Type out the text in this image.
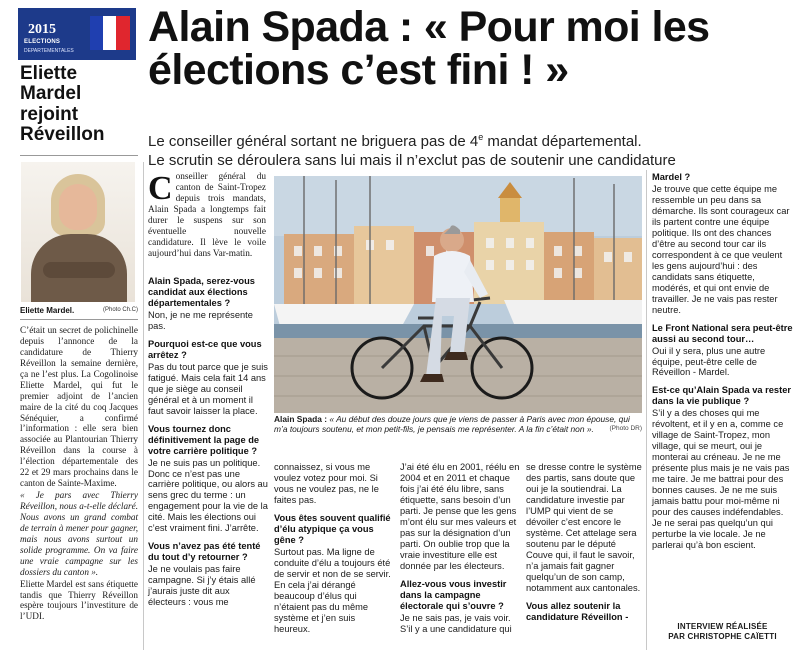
2015
ELECTIONS
DEPARTEMENTALES Alain Spada : « Pour moi les élections c’est fini ! »
Le conseiller général sortant ne briguera pas de 4e mandat départemental.
Le scrutin se déroulera sans lui mais il n’exclut pas de soutenir une candidature
Eliette Mardel rejoint Réveillon
Eliette Mardel.	(Photo Ch.C)

C’était un secret de polichinelle depuis l’annonce de la candidature de Thierry Réveillon la semaine dernière, ça ne l’est plus. La Cogolinoise Eliette Mardel, qui fut le premier adjoint de l’ancien maire de la cité du coq Jacques Sénéquier, a confirmé l’information : elle sera bien associée au Plantourian Thierry Réveillon dans la course à l’élection départementale des 22 et 29 mars prochains dans le canton de Sainte-Maxime.

« Je pars avec Thierry Réveillon, nous a-t-elle déclaré. Nous avons un grand combat de terrain à mener pour gagner, mais nous avons surtout un solide programme. On va faire une vraie campagne sur les dossiers du canton ».

Eliette Mardel est sans étiquette tandis que Thierry Réveillon espère toujours l’investiture de l’UDI.

Conseiller général du canton de Saint-Tropez depuis trois mandats, Alain Spada a longtemps fait durer le suspens sur son éventuelle nouvelle candidature. Il lève le voile aujourd’hui dans Var-matin.
Alain Spada, serez-vous candidat aux élections départementales ?
Non, je ne me représente pas.
Pourquoi est-ce que vous arrêtez ?
Pas du tout parce que je suis fatigué. Mais cela fait 14 ans que je siège au conseil général et à un moment il faut savoir laisser la place.
Vous tournez donc définitivement la page de votre carrière politique ?
Je ne suis pas un politique. Donc ce n’est pas une carrière politique, ou alors au sens grec du terme : un engagement pour la vie de la cité. Mais les élections oui c’est vraiment fini. J’arrête.
Vous n’avez pas été tenté du tout d’y retourner ?
Je ne voulais pas faire campagne. Si j’y étais allé j’aurais juste dit aux électeurs : vous me
Alain Spada : « Au début des douze jours que je viens de passer à Paris avec mon épouse, qui m’a toujours soutenu, et mon petit-fils, je pensais me représenter. A la fin c’était non ». (Photo DR)
connaissez, si vous me voulez votez pour moi. Si vous ne voulez pas, ne le faites pas.
Vous êtes souvent qualifié d’élu atypique ça vous gêne ?
Surtout pas. Ma ligne de conduite d’élu a toujours été de servir et non de se servir. En cela j’ai dérangé beaucoup d’élus qui n’étaient pas du même système et j’en suis heureux.
J’ai été élu en 2001, réélu en 2004 et en 2011 et chaque fois j’ai été élu libre, sans étiquette, sans besoin d’un parti. Je pense que les gens m’ont élu sur mes valeurs et pas sur la désignation d’un parti. On oublie trop que la vraie investiture elle est donnée par les électeurs.
Allez-vous vous investir dans la campagne électorale qui s’ouvre ?
Je ne sais pas, je vais voir. S’il y a une candidature qui
se dresse contre le système des partis, sans doute que oui je la soutiendrai. La candidature investie par l’UMP qui vient de se dévoiler c’est encore le système. Cet attelage sera soutenu par le député Couve qui, il faut le savoir, n’a jamais fait gagner quelqu’un de son camp, notamment aux cantonales.
Vous allez soutenir la candidature Réveillon -
Mardel ?
Je trouve que cette équipe me ressemble un peu dans sa démarche. Ils sont courageux car ils partent contre une équipe politique. Ils ont des chances d’être au second tour car ils correspondent à ce que veulent les gens aujourd’hui : des candidats sans étiquette, modérés, et qui ont envie de travailler. Je ne vais pas rester neutre.
Le Front National sera peut-être aussi au second tour…
Oui il y sera, plus une autre équipe, peut-être celle de Réveillon - Mardel.
Est-ce qu’Alain Spada va rester dans la vie publique ?
S’il y a des choses qui me révoltent, et il y en a, comme ce village de Saint-Tropez, mon village, qui se meurt, oui je monterai au créneau. Je ne me présente plus mais je ne vais pas me taire. Je me battrai pour des bonnes causes. Je ne me suis jamais battu pour moi-même ni pour des causes indéfendables. Je ne serai pas quelqu’un qui perturbe la vie locale. Je ne parlerai qu’à bon escient.
INTERVIEW RÉALISÉE
PAR CHRISTOPHE CAÏETTI
